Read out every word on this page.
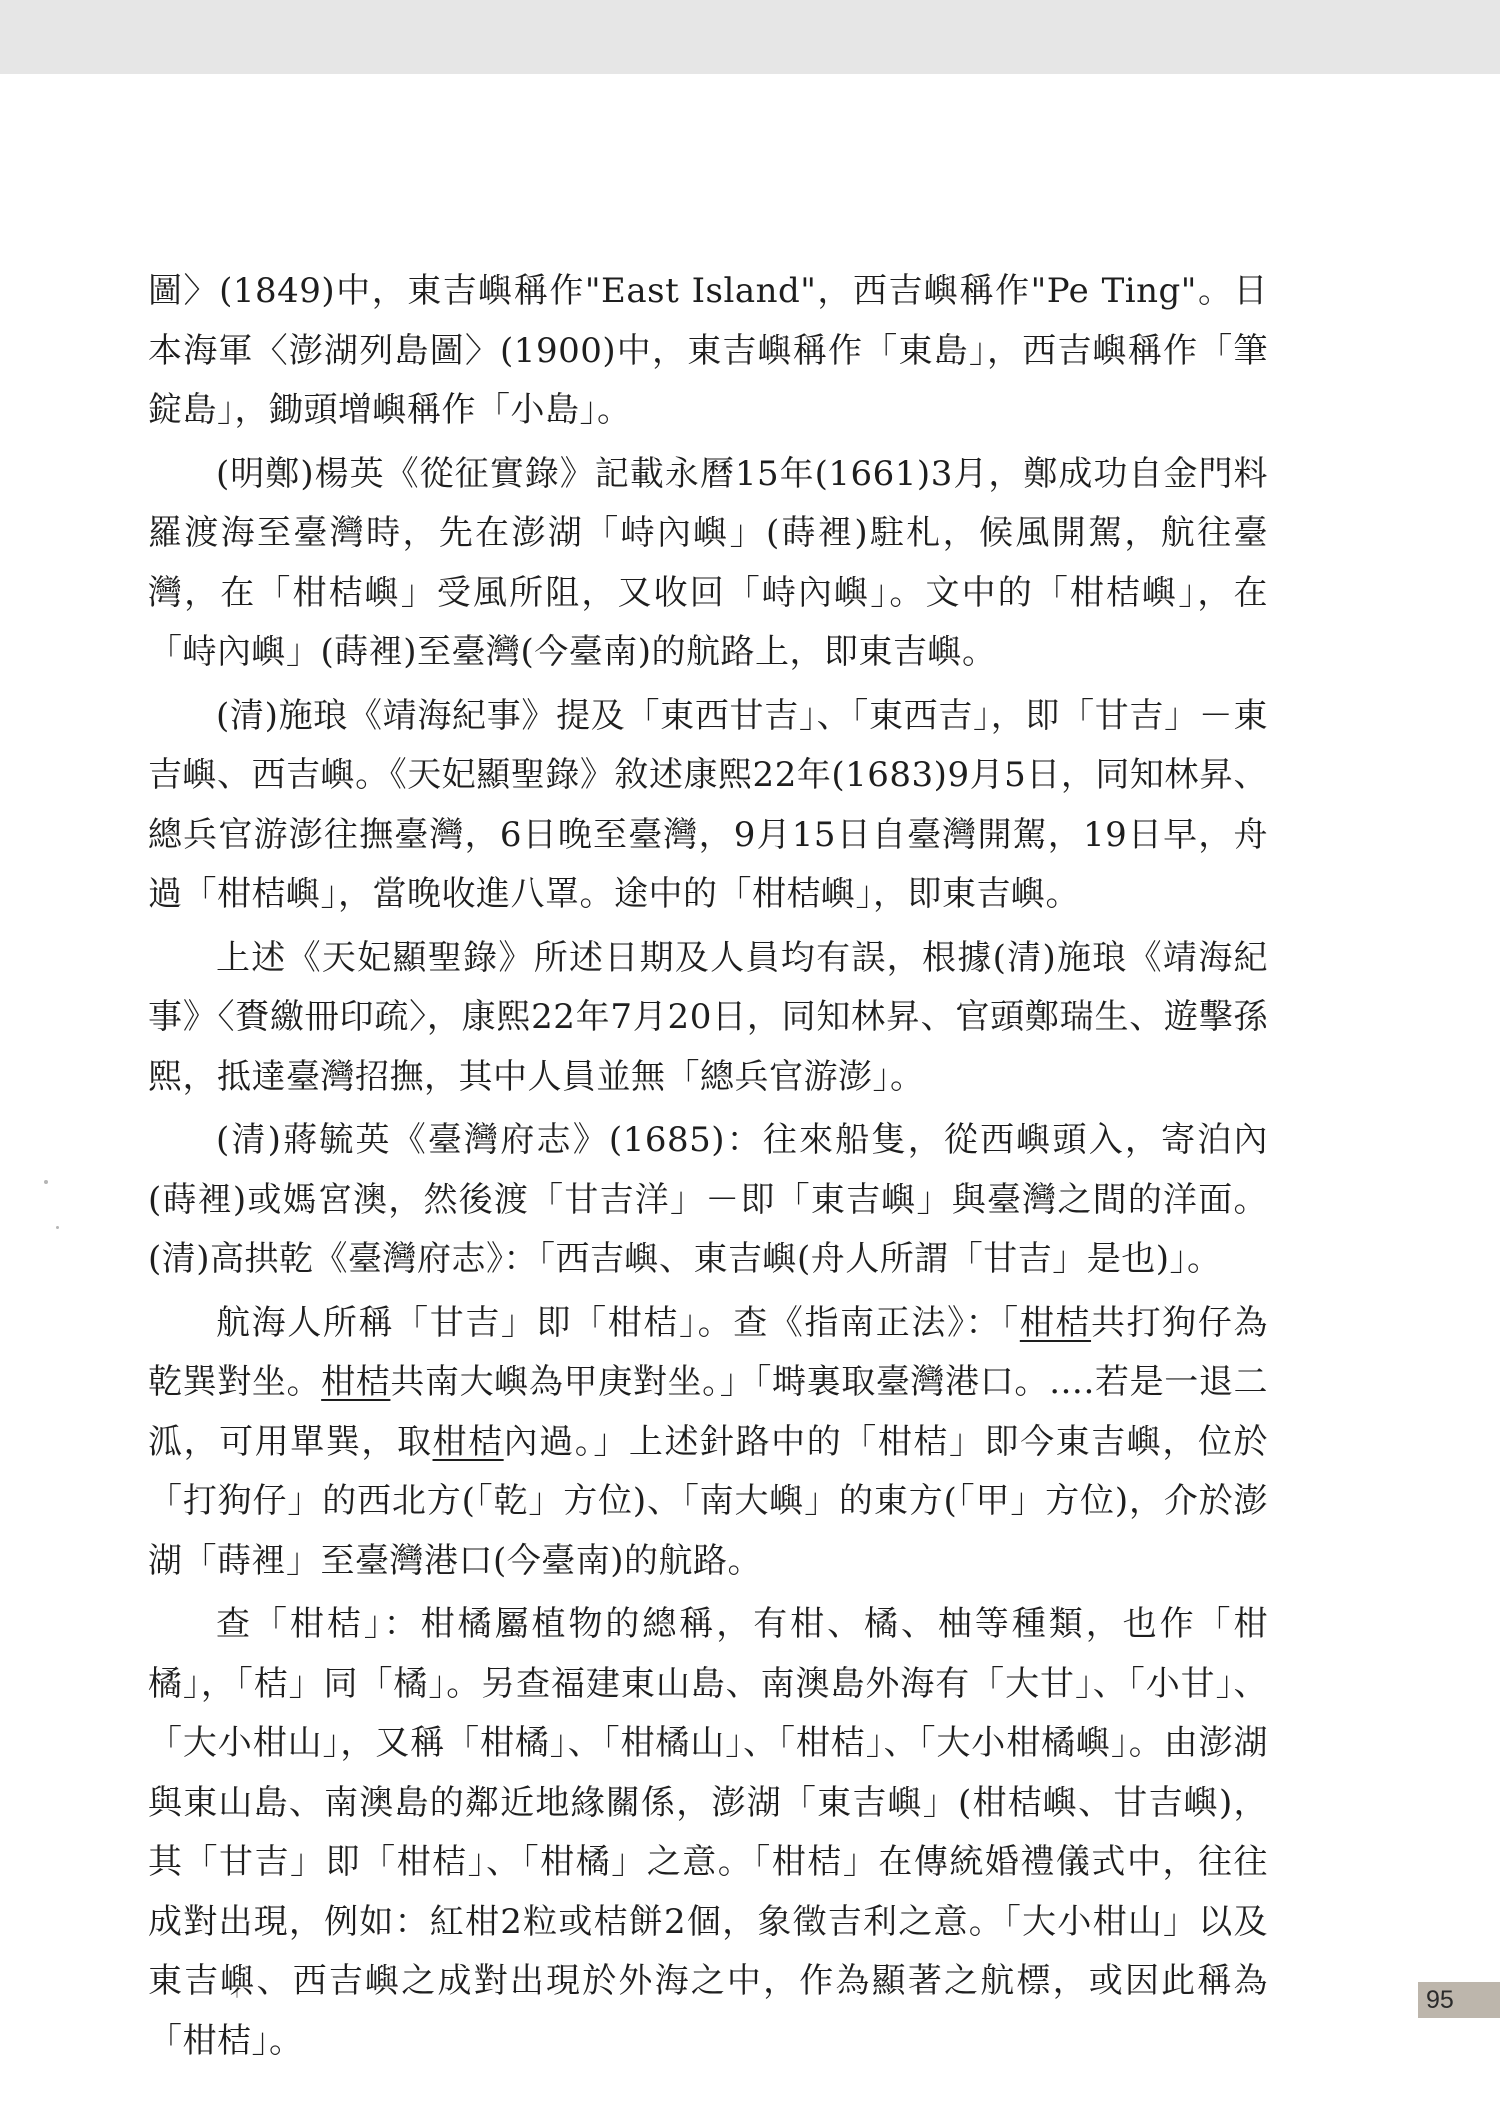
圖〉(1849)中，東吉嶼稱作"East Island"，西吉嶼稱作"Pe Ting"。日本海軍〈澎湖列島圖〉(1900)中，東吉嶼稱作「東島」，西吉嶼稱作「筆錠島」，鋤頭增嶼稱作「小島」。

(明鄭)楊英《從征實錄》記載永曆15年(1661)3月，鄭成功自金門料羅渡海至臺灣時，先在澎湖「峙內嶼」(蒔裡)駐札，候風開駕，航往臺灣，在「柑桔嶼」受風所阻，又收回「峙內嶼」。文中的「柑桔嶼」，在「峙內嶼」(蒔裡)至臺灣(今臺南)的航路上，即東吉嶼。

(清)施琅《靖海紀事》提及「東西甘吉」、「東西吉」，即「甘吉」－東吉嶼、西吉嶼。《天妃顯聖錄》敘述康熙22年(1683)9月5日，同知林昇、總兵官游澎往撫臺灣，6日晚至臺灣，9月15日自臺灣開駕，19日早，舟過「柑桔嶼」，當晚收進八罩。途中的「柑桔嶼」，即東吉嶼。

上述《天妃顯聖錄》所述日期及人員均有誤，根據(清)施琅《靖海紀事》〈賚繳冊印疏〉，康熙22年7月20日，同知林昇、官頭鄭瑞生、遊擊孫熙，抵達臺灣招撫，其中人員並無「總兵官游澎」。

(清)蔣毓英《臺灣府志》(1685)：往來船隻，從西嶼頭入，寄泊內(蒔裡)或媽宮澳，然後渡「甘吉洋」－即「東吉嶼」與臺灣之間的洋面。(清)高拱乾《臺灣府志》：「西吉嶼、東吉嶼(舟人所謂「甘吉」是也)」。

航海人所稱「甘吉」即「柑桔」。查《指南正法》：「柑桔共打狗仔為乾巽對坐。柑桔共南大嶼為甲庚對坐。」「塒裏取臺灣港口。….若是一退二泒，可用單巽，取柑桔內過。」上述針路中的「柑桔」即今東吉嶼，位於「打狗仔」的西北方(「乾」方位)、「南大嶼」的東方(「甲」方位)，介於澎湖「蒔裡」至臺灣港口(今臺南)的航路。

查「柑桔」：柑橘屬植物的總稱，有柑、橘、柚等種類，也作「柑橘」，「桔」同「橘」。另查福建東山島、南澳島外海有「大甘」、「小甘」、「大小柑山」，又稱「柑橘」、「柑橘山」、「柑桔」、「大小柑橘嶼」。由澎湖與東山島、南澳島的鄰近地緣關係，澎湖「東吉嶼」(柑桔嶼、甘吉嶼)，其「甘吉」即「柑桔」、「柑橘」之意。「柑桔」在傳統婚禮儀式中，往往成對出現，例如：紅柑2粒或桔餅2個，象徵吉利之意。「大小柑山」以及東吉嶼、西吉嶼之成對出現於外海之中，作為顯著之航標，或因此稱為「柑桔」。

95
